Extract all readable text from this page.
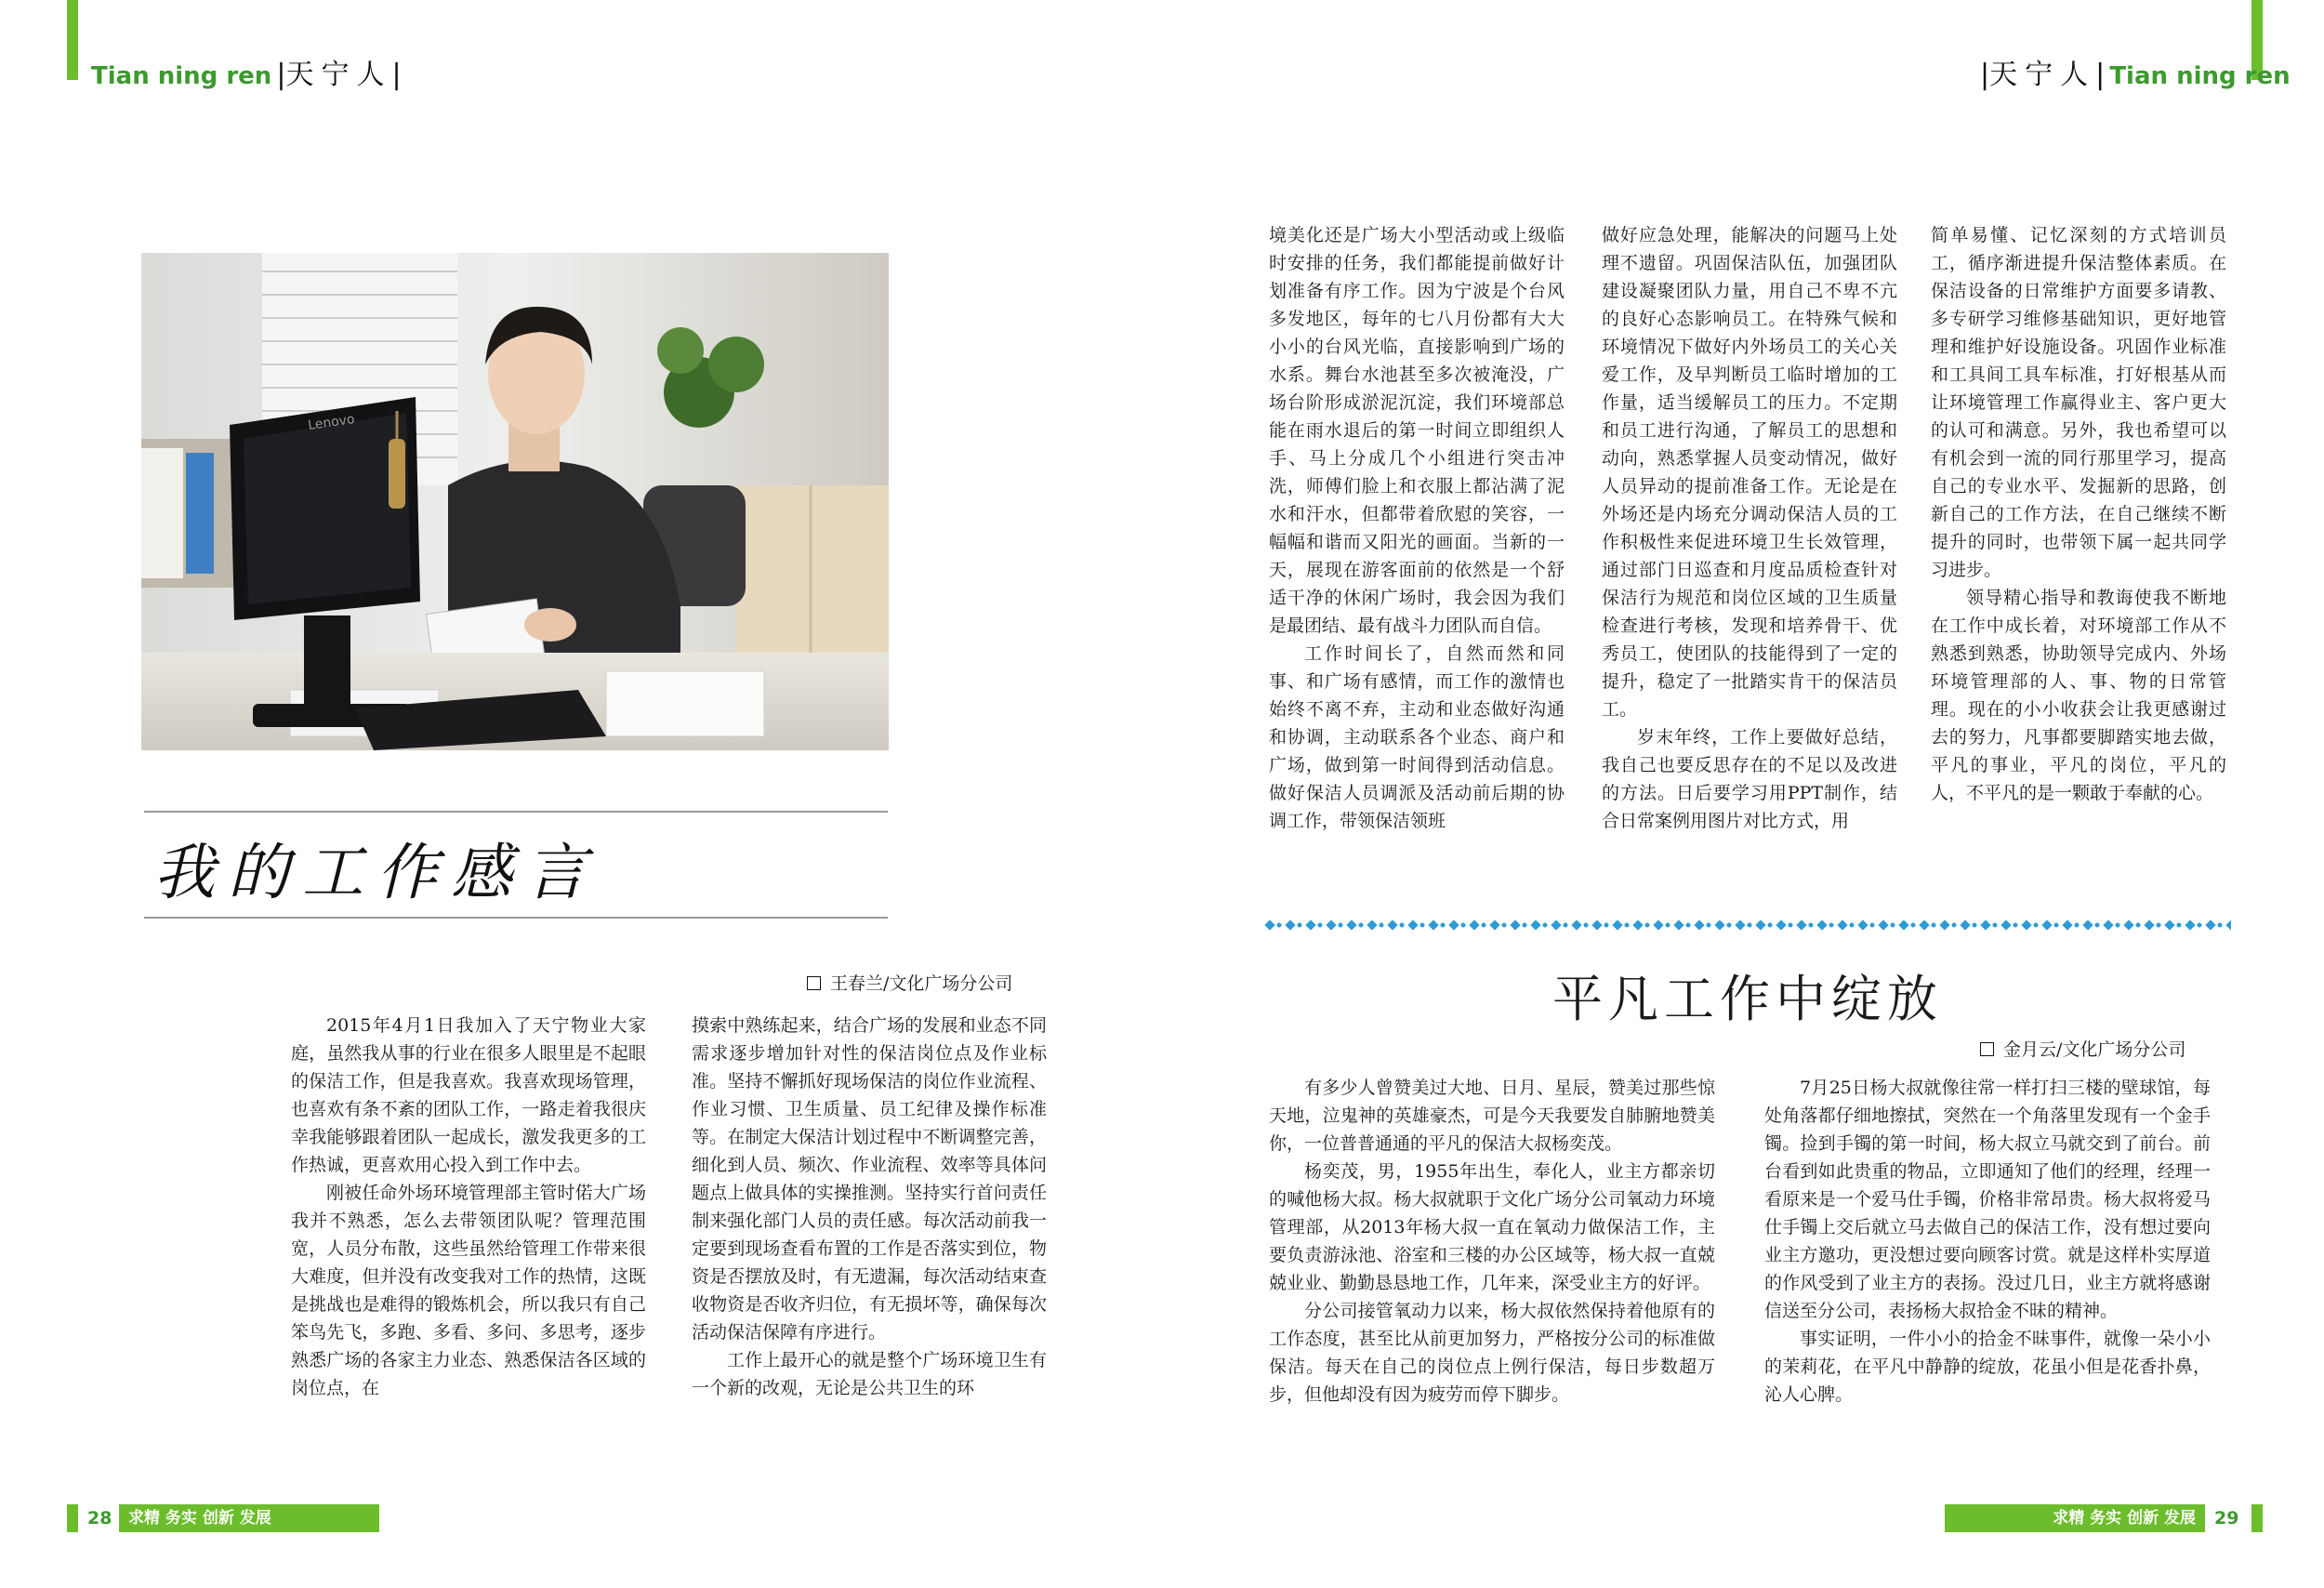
Tian ning ren |天宁人|	|天宁人| Tian ning ren
Lenovo
我的工作感言
王春兰/文化广场分公司

2015年4月1日我加入了天宁物业大家庭，虽然我从事的行业在很多人眼里是不起眼的保洁工作，但是我喜欢。我喜欢现场管理，也喜欢有条不紊的团队工作，一路走着我很庆幸我能够跟着团队一起成长，激发我更多的工作热诚，更喜欢用心投入到工作中去。

刚被任命外场环境管理部主管时偌大广场我并不熟悉，怎么去带领团队呢？管理范围宽，人员分布散，这些虽然给管理工作带来很大难度，但并没有改变我对工作的热情，这既是挑战也是难得的锻炼机会，所以我只有自己笨鸟先飞，多跑、多看、多问、多思考，逐步熟悉广场的各家主力业态、熟悉保洁各区域的岗位点，在

摸索中熟练起来，结合广场的发展和业态不同需求逐步增加针对性的保洁岗位点及作业标准。坚持不懈抓好现场保洁的岗位作业流程、作业习惯、卫生质量、员工纪律及操作标准等。在制定大保洁计划过程中不断调整完善，细化到人员、频次、作业流程、效率等具体问题点上做具体的实操推测。坚持实行首问责任制来强化部门人员的责任感。每次活动前我一定要到现场查看布置的工作是否落实到位，物资是否摆放及时，有无遗漏，每次活动结束查收物资是否收齐归位，有无损坏等，确保每次活动保洁保障有序进行。

工作上最开心的就是整个广场环境卫生有一个新的改观，无论是公共卫生的环

境美化还是广场大小型活动或上级临时安排的任务，我们都能提前做好计划准备有序工作。因为宁波是个台风多发地区，每年的七八月份都有大大小小的台风光临，直接影响到广场的水系。舞台水池甚至多次被淹没，广场台阶形成淤泥沉淀，我们环境部总能在雨水退后的第一时间立即组织人手、马上分成几个小组进行突击冲洗，师傅们脸上和衣服上都沾满了泥水和汗水，但都带着欣慰的笑容，一幅幅和谐而又阳光的画面。当新的一天，展现在游客面前的依然是一个舒适干净的休闲广场时，我会因为我们是最团结、最有战斗力团队而自信。

工作时间长了，自然而然和同事、和广场有感情，而工作的激情也始终不离不弃，主动和业态做好沟通和协调，主动联系各个业态、商户和广场，做到第一时间得到活动信息。做好保洁人员调派及活动前后期的协调工作，带领保洁领班

做好应急处理，能解决的问题马上处理不遗留。巩固保洁队伍，加强团队建设凝聚团队力量，用自己不卑不亢的良好心态影响员工。在特殊气候和环境情况下做好内外场员工的关心关爱工作，及早判断员工临时增加的工作量，适当缓解员工的压力。不定期和员工进行沟通，了解员工的思想和动向，熟悉掌握人员变动情况，做好人员异动的提前准备工作。无论是在外场还是内场充分调动保洁人员的工作积极性来促进环境卫生长效管理，通过部门日巡查和月度品质检查针对保洁行为规范和岗位区域的卫生质量检查进行考核，发现和培养骨干、优秀员工，使团队的技能得到了一定的提升，稳定了一批踏实肯干的保洁员工。

岁末年终，工作上要做好总结，我自己也要反思存在的不足以及改进的方法。日后要学习用PPT制作，结合日常案例用图片对比方式，用

简单易懂、记忆深刻的方式培训员工，循序渐进提升保洁整体素质。在保洁设备的日常维护方面要多请教、多专研学习维修基础知识，更好地管理和维护好设施设备。巩固作业标准和工具间工具车标准，打好根基从而让环境管理工作赢得业主、客户更大的认可和满意。另外，我也希望可以有机会到一流的同行那里学习，提高自己的专业水平、发掘新的思路，创新自己的工作方法，在自己继续不断提升的同时，也带领下属一起共同学习进步。

领导精心指导和教诲使我不断地在工作中成长着，对环境部工作从不熟悉到熟悉，协助领导完成内、外场环境管理部的人、事、物的日常管理。现在的小小收获会让我更感谢过去的努力，凡事都要脚踏实地去做，平凡的事业，平凡的岗位，平凡的人，不平凡的是一颗敢于奉献的心。

平凡工作中绽放
金月云/文化广场分公司

有多少人曾赞美过大地、日月、星辰，赞美过那些惊天地，泣鬼神的英雄豪杰，可是今天我要发自肺腑地赞美你，一位普普通通的平凡的保洁大叔杨奕茂。

杨奕茂，男，1955年出生，奉化人，业主方都亲切的喊他杨大叔。杨大叔就职于文化广场分公司氧动力环境管理部，从2013年杨大叔一直在氧动力做保洁工作，主要负责游泳池、浴室和三楼的办公区域等，杨大叔一直兢兢业业、勤勤恳恳地工作，几年来，深受业主方的好评。

分公司接管氧动力以来，杨大叔依然保持着他原有的工作态度，甚至比从前更加努力，严格按分公司的标准做保洁。每天在自己的岗位点上例行保洁，每日步数超万步，但他却没有因为疲劳而停下脚步。

7月25日杨大叔就像往常一样打扫三楼的壁球馆，每处角落都仔细地擦拭，突然在一个角落里发现有一个金手镯。捡到手镯的第一时间，杨大叔立马就交到了前台。前台看到如此贵重的物品，立即通知了他们的经理，经理一看原来是一个爱马仕手镯，价格非常昂贵。杨大叔将爱马仕手镯上交后就立马去做自己的保洁工作，没有想过要向业主方邀功，更没想过要向顾客讨赏。就是这样朴实厚道的作风受到了业主方的表扬。没过几日，业主方就将感谢信送至分公司，表扬杨大叔拾金不昧的精神。

事实证明，一件小小的拾金不昧事件，就像一朵小小的茉莉花，在平凡中静静的绽放，花虽小但是花香扑鼻，沁人心脾。

28	求精 务实 创新 发展	求精 务实 创新 发展	29
